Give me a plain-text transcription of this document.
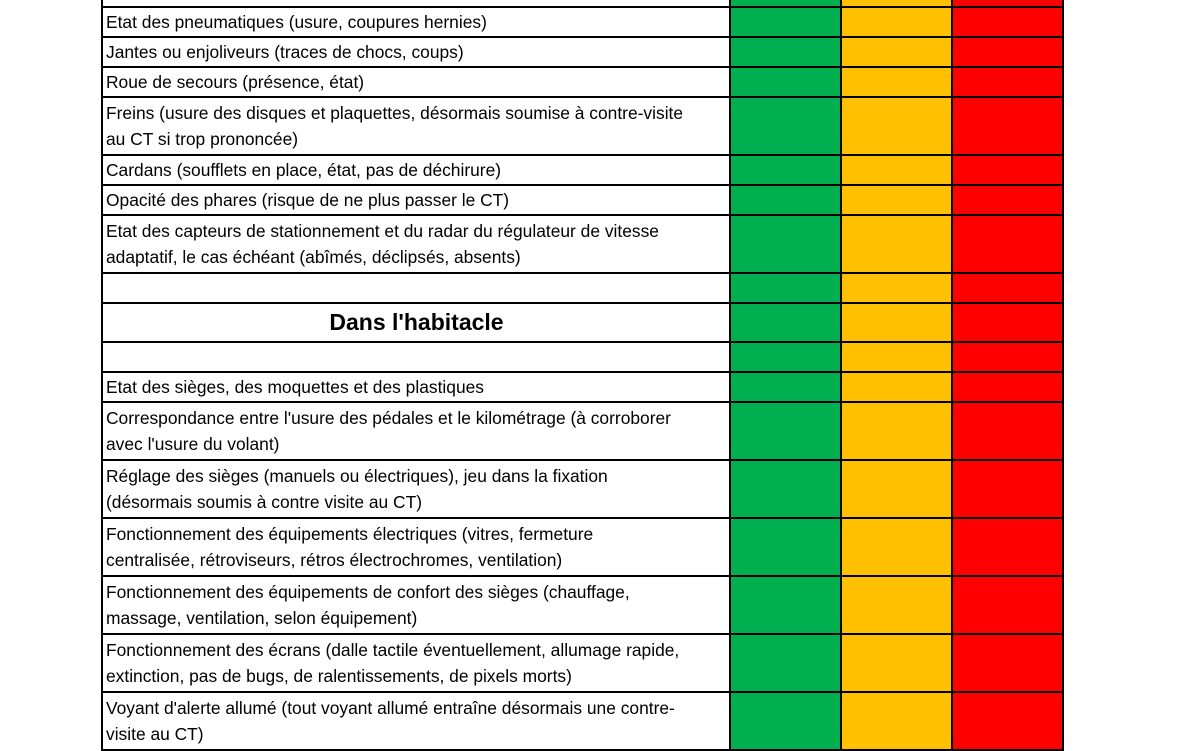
Etat des pneumatiques (usure, coupures hernies)			
Jantes ou enjoliveurs (traces de chocs, coups)			
Roue de secours (présence, état)			
Freins (usure des disques et plaquettes, désormais soumise à contre-visite
au CT si trop prononcée)			
Cardans (soufflets en place, état, pas de déchirure)			
Opacité des phares (risque de ne plus passer le CT)			
Etat des capteurs de stationnement et du radar du régulateur de vitesse
adaptatif, le cas échéant (abîmés, déclipsés, absents)			

Dans l'habitacle			

Etat des sièges, des moquettes et des plastiques			
Correspondance entre l'usure des pédales et le kilométrage (à corroborer
avec l'usure du volant)			
Réglage des sièges (manuels ou électriques), jeu dans la fixation
(désormais soumis à contre visite au CT)			
Fonctionnement des équipements électriques (vitres, fermeture
centralisée, rétroviseurs, rétros électrochromes, ventilation)			
Fonctionnement des équipements de confort des sièges (chauffage,
massage, ventilation, selon équipement)			
Fonctionnement des écrans (dalle tactile éventuellement, allumage rapide,
extinction, pas de bugs, de ralentissements, de pixels morts)			
Voyant d'alerte allumé (tout voyant allumé entraîne désormais une contre-
visite au CT)			
